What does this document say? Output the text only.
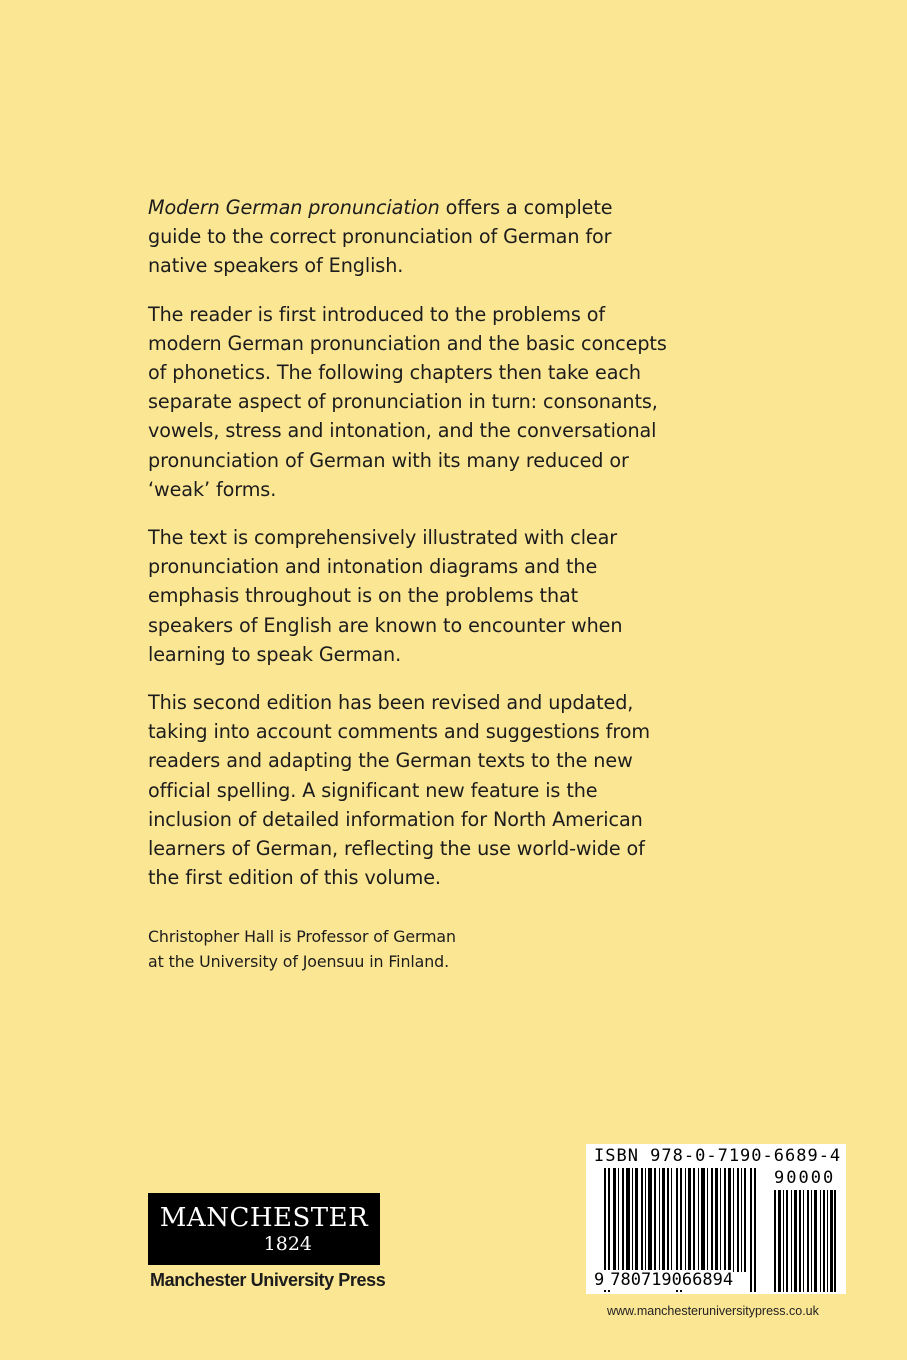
Modern German pronunciation offers a complete guide to the correct pronunciation of German for native speakers of English.

The reader is first introduced to the problems of modern German pronunciation and the basic concepts of phonetics. The following chapters then take each separate aspect of pronunciation in turn: consonants, vowels, stress and intonation, and the conversational pronunciation of German with its many reduced or ‘weak’ forms.

The text is comprehensively illustrated with clear pronunciation and intonation diagrams and the emphasis throughout is on the problems that speakers of English are known to encounter when learning to speak German.

This second edition has been revised and updated, taking into account comments and suggestions from readers and adapting the German texts to the new official spelling. A significant new feature is the inclusion of detailed information for North American learners of German, reflecting the use world-wide of the first edition of this volume.

Christopher Hall is Professor of German
at the University of Joensuu in Finland.
MANCHESTER
1824
Manchester University Press
ISBN 978-0-7190-6689-4
90000
9 780719066894
www.manchesteruniversitypress.co.uk
